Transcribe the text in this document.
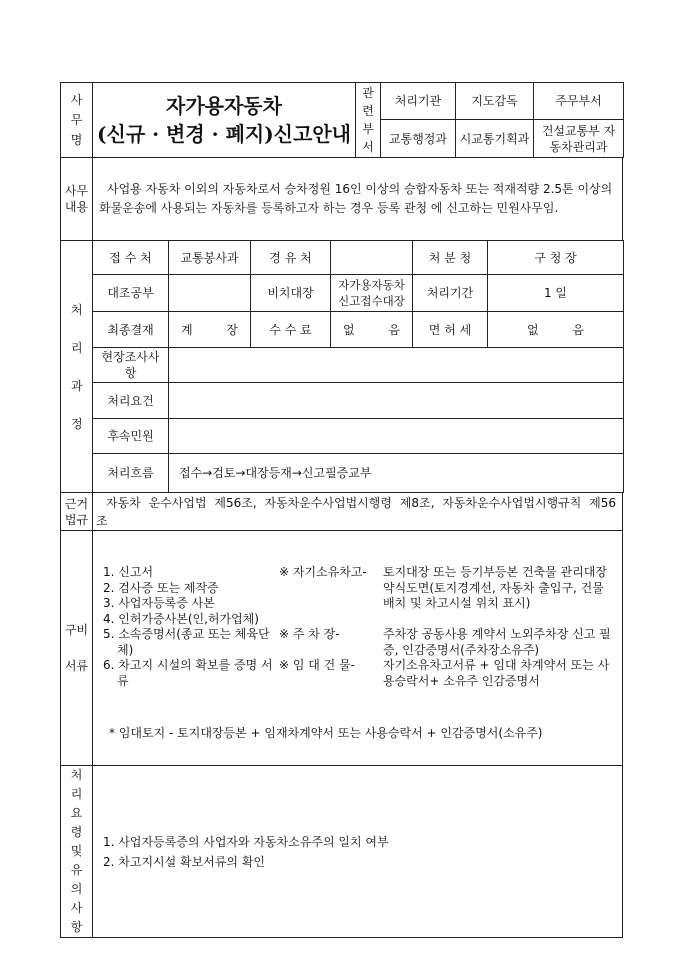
사무명	자가용자동차
(신규 · 변경 · 폐지)신고안내	관련부서	처리기관	지도감독	주무부서
			교통행정과	시교통기획과	건설교통부 자동차관리과
사무내용	사업용 자동차 이외의 자동차로서 승차정원 16인 이상의 승합자동차 또는 적재적량 2.5톤 이상의 화물운송에 사용되는 자동차를 등록하고자 하는 경우 등록 관청 에 신고하는 민원사무임.
처리과정	접 수 처	교통봉사과	경 유 처		처 분 청	구 청 장
	대조공부		비치대장	자가용자동차 신고접수대장	처리기간	1 일
	최종결재	계 장	수 수 료	없 음	면 허 세	없 음
	현장조사사항					
	처리요건					
	후속민원					
	처리흐름	접수→검토→대장등재→신고필증교부				
근거법규	자동차 운수사업법 제56조, 자동차운수사업법시행령 제8조, 자동차운수사업법시행규칙 제56조
구비
서류

1. 신고서
2. 검사증 또는 제작증
3. 사업자등록증 사본
4. 인허가증사본(인,허가업체)
※ 자기소유차고-	토지대장 또는 등기부등본 건축물 관리대장 약식도면(토지경계선, 자동차 출입구, 건물배치 및 차고시설 위치 표시)
5. 소속증명서(종교 또는 체육단체)
※ 주 차 장-	주차장 공동사용 계약서 노외주차장 신고 필증, 인감증명서(주차장소유주)
6. 차고지 시설의 확보를 증명 서류
※ 임 대 건 물-	자기소유차고서류 + 임대 차계약서 또는 사용승락서+ 소유주 인감증명서
* 임대토지 - 토지대장등본 + 임재차계약서 또는 사용승락서 + 인감증명서(소유주)
처리요령및유의사항	
1. 사업자등록증의 사업자와 자동차소유주의 일치 여부
2. 차고지시설 확보서류의 확인
